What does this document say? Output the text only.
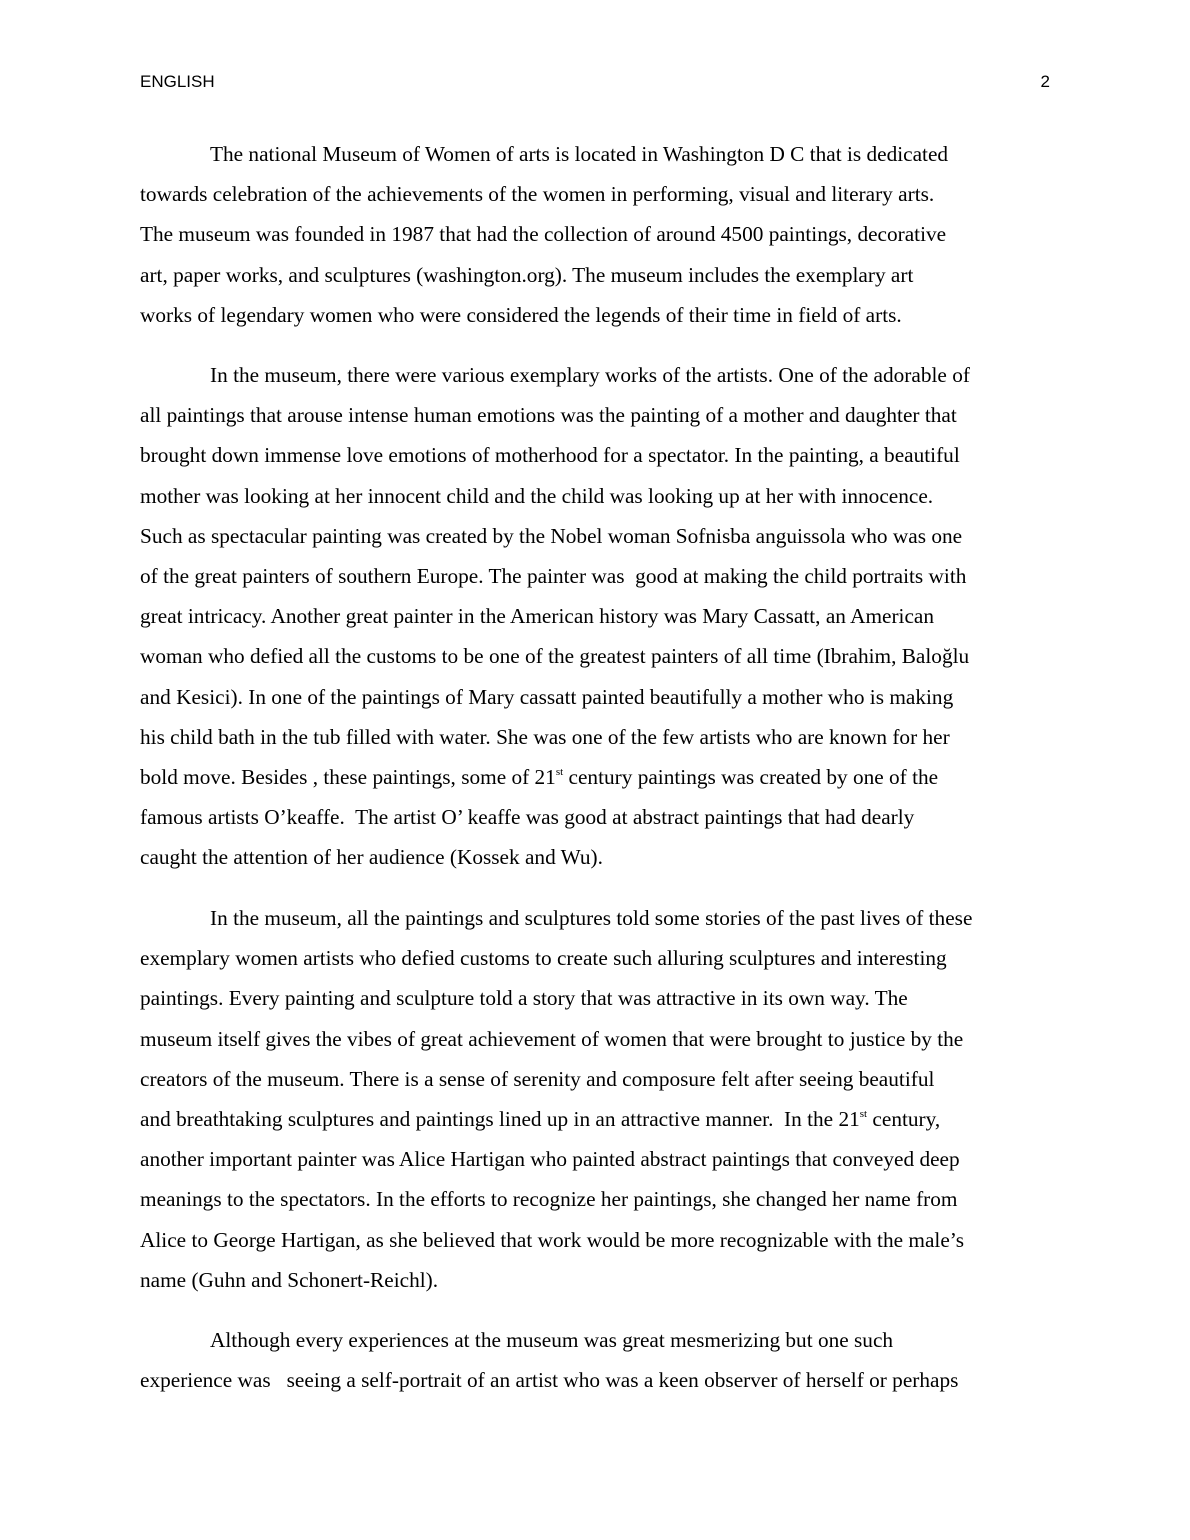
ENGLISH	2
The national Museum of Women of arts is located in Washington D C that is dedicated
towards celebration of the achievements of the women in performing, visual and literary arts.
The museum was founded in 1987 that had the collection of around 4500 paintings, decorative
art, paper works, and sculptures (washington.org). The museum includes the exemplary art
works of legendary women who were considered the legends of their time in field of arts.
In the museum, there were various exemplary works of the artists. One of the adorable of
all paintings that arouse intense human emotions was the painting of a mother and daughter that
brought down immense love emotions of motherhood for a spectator. In the painting, a beautiful
mother was looking at her innocent child and the child was looking up at her with innocence.
Such as spectacular painting was created by the Nobel woman Sofnisba anguissola who was one
of the great painters of southern Europe. The painter was  good at making the child portraits with
great intricacy. Another great painter in the American history was Mary Cassatt, an American
woman who defied all the customs to be one of the greatest painters of all time (Ibrahim, Baloğlu
and Kesici). In one of the paintings of Mary cassatt painted beautifully a mother who is making
his child bath in the tub filled with water. She was one of the few artists who are known for her
bold move. Besides , these paintings, some of 21st century paintings was created by one of the
famous artists O’keaffe.  The artist O’ keaffe was good at abstract paintings that had dearly
caught the attention of her audience (Kossek and Wu).
In the museum, all the paintings and sculptures told some stories of the past lives of these
exemplary women artists who defied customs to create such alluring sculptures and interesting
paintings. Every painting and sculpture told a story that was attractive in its own way. The
museum itself gives the vibes of great achievement of women that were brought to justice by the
creators of the museum. There is a sense of serenity and composure felt after seeing beautiful
and breathtaking sculptures and paintings lined up in an attractive manner.  In the 21st century,
another important painter was Alice Hartigan who painted abstract paintings that conveyed deep
meanings to the spectators. In the efforts to recognize her paintings, she changed her name from
Alice to George Hartigan, as she believed that work would be more recognizable with the male’s
name (Guhn and Schonert-Reichl).
Although every experiences at the museum was great mesmerizing but one such
experience was   seeing a self-portrait of an artist who was a keen observer of herself or perhaps
